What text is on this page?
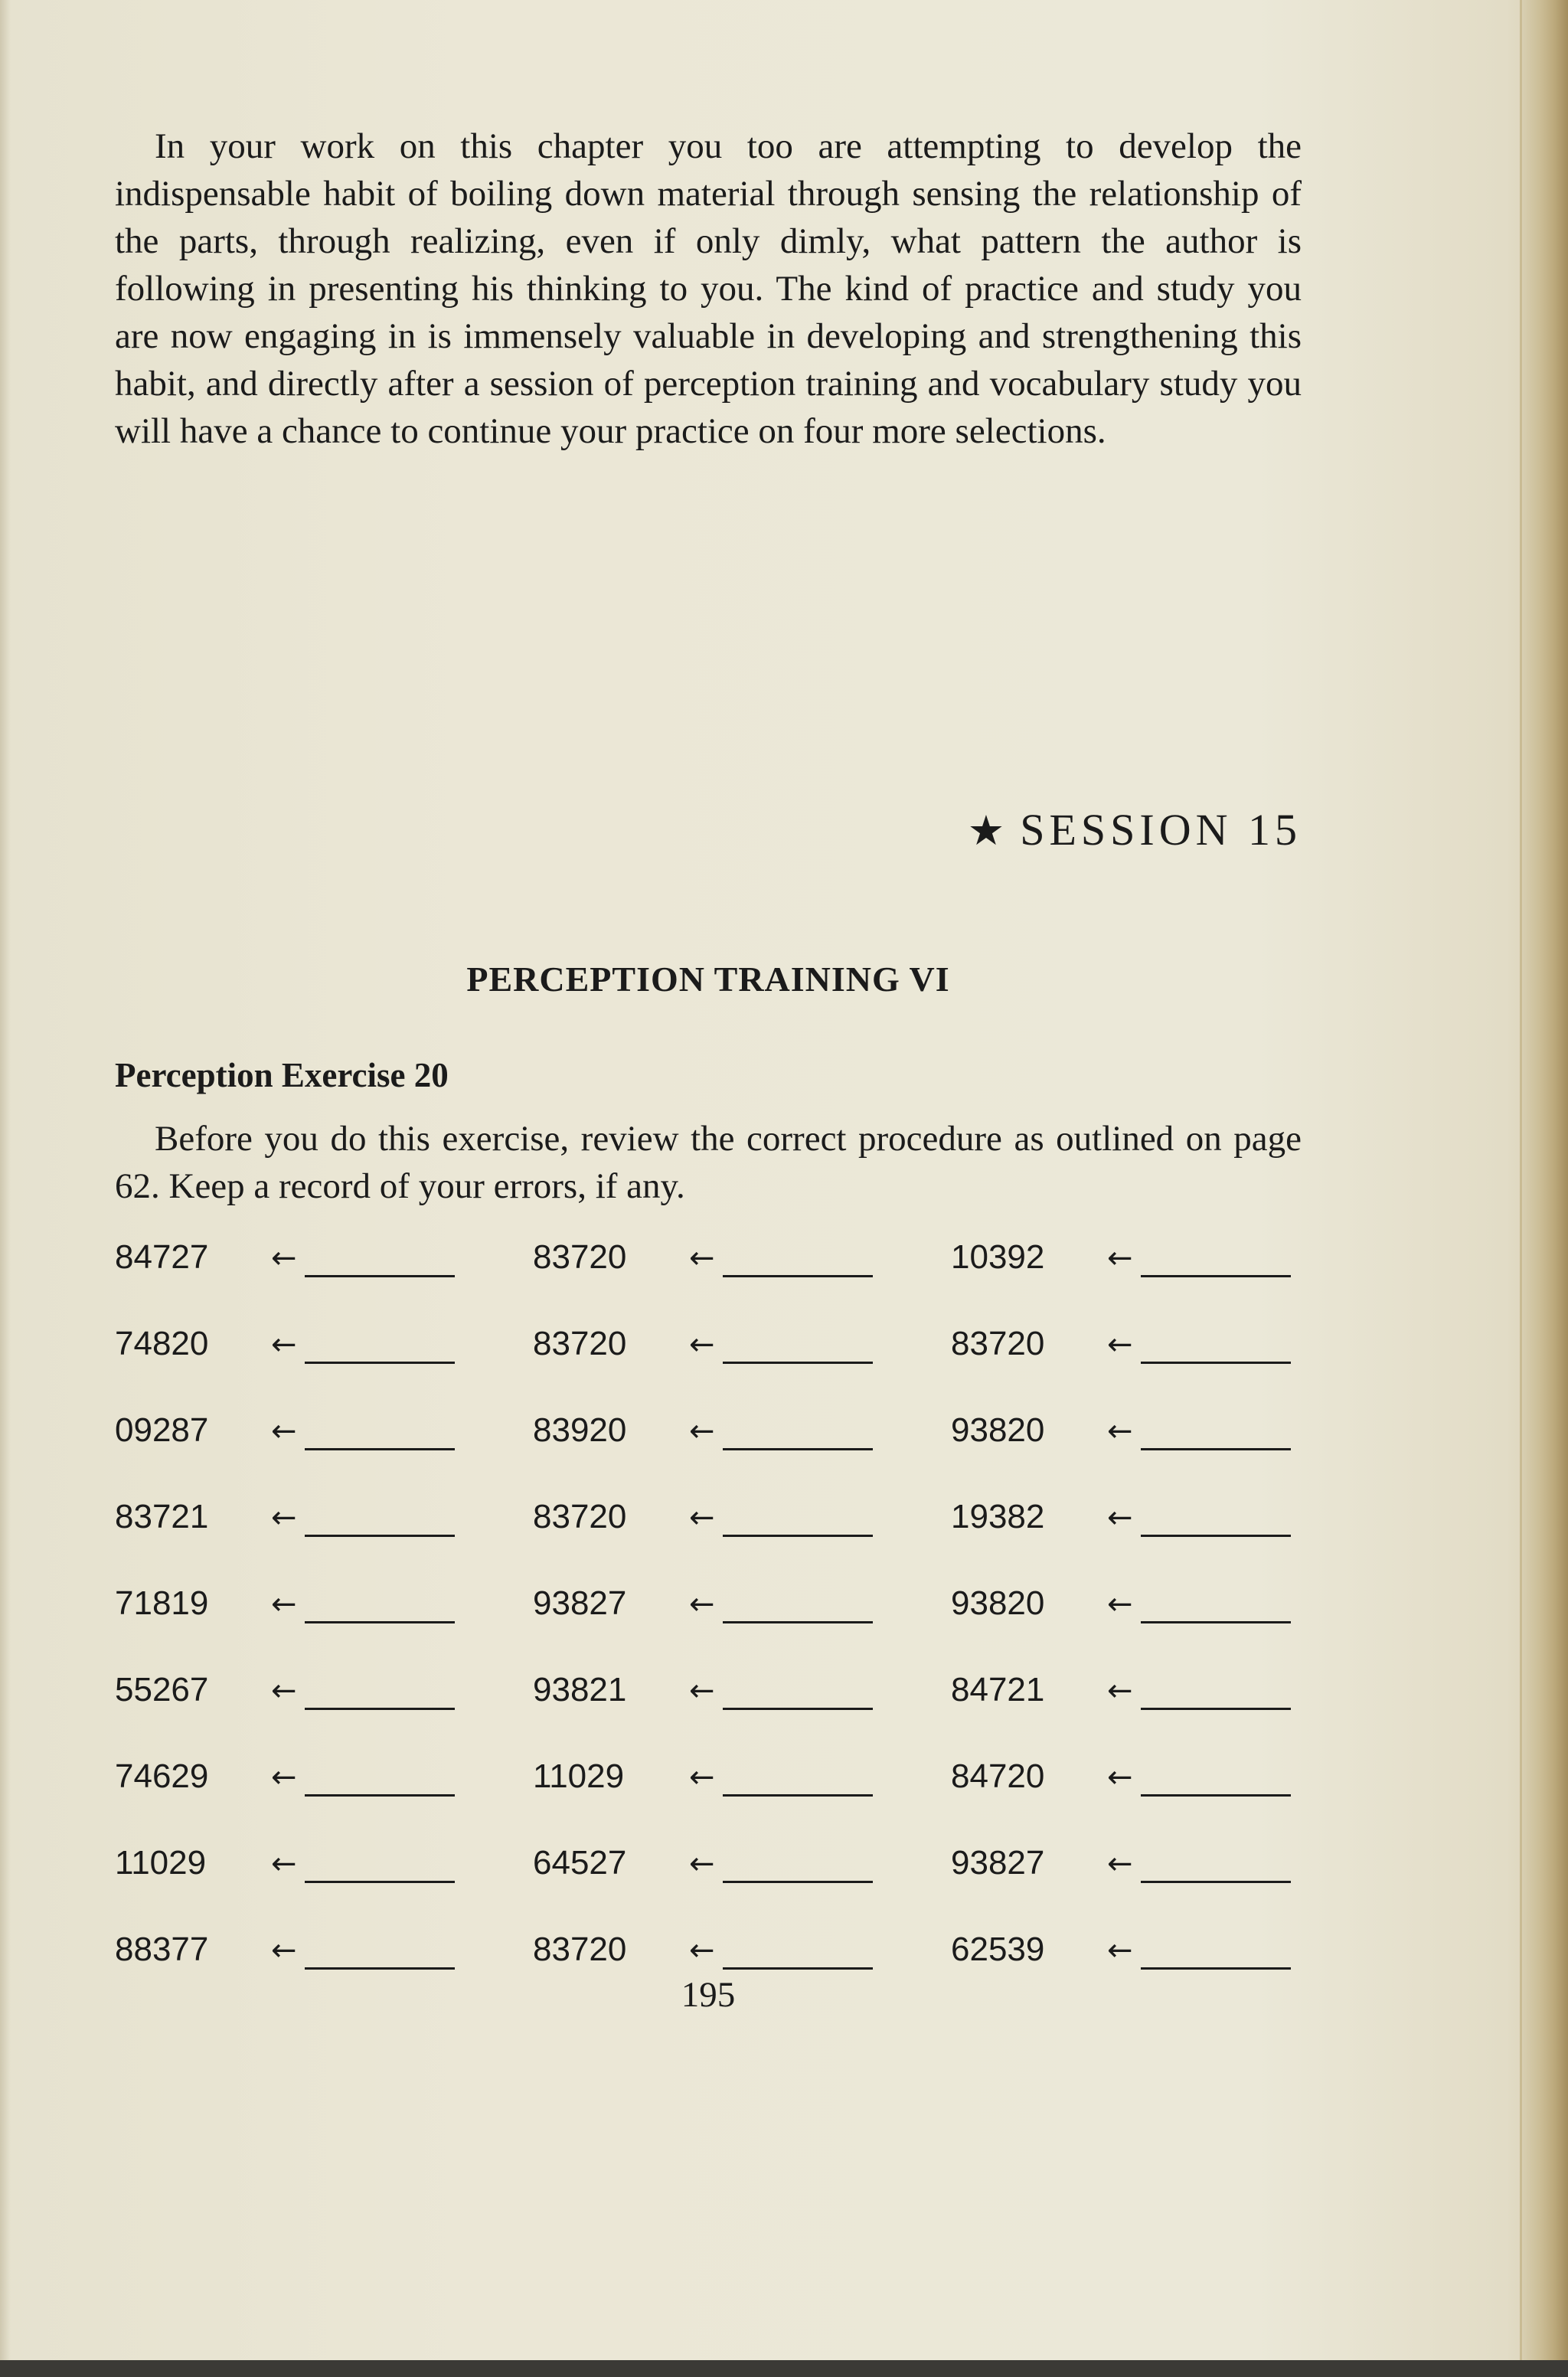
In your work on this chapter you too are attempting to develop the indispensable habit of boiling down material through sensing the relationship of the parts, through realizing, even if only dimly, what pattern the author is following in presenting his thinking to you. The kind of practice and study you are now engaging in is immensely valuable in developing and strengthening this habit, and directly after a session of perception training and vocabulary study you will have a chance to continue your practice on four more selections.

★ SESSION 15
PERCEPTION TRAINING VI
Perception Exercise 20

Before you do this exercise, review the correct procedure as outlined on page 62. Keep a record of your errors, if any.

84727 ←	83720 ←	10392 ←
74820 ←	83720 ←	83720 ←
09287 ←	83920 ←	93820 ←
83721 ←	83720 ←	19382 ←
71819 ←	93827 ←	93820 ←
55267 ←	93821 ←	84721 ←
74629 ←	11029 ←	84720 ←
11029 ←	64527 ←	93827 ←
88377 ←	83720 ←	62539 ←
195
